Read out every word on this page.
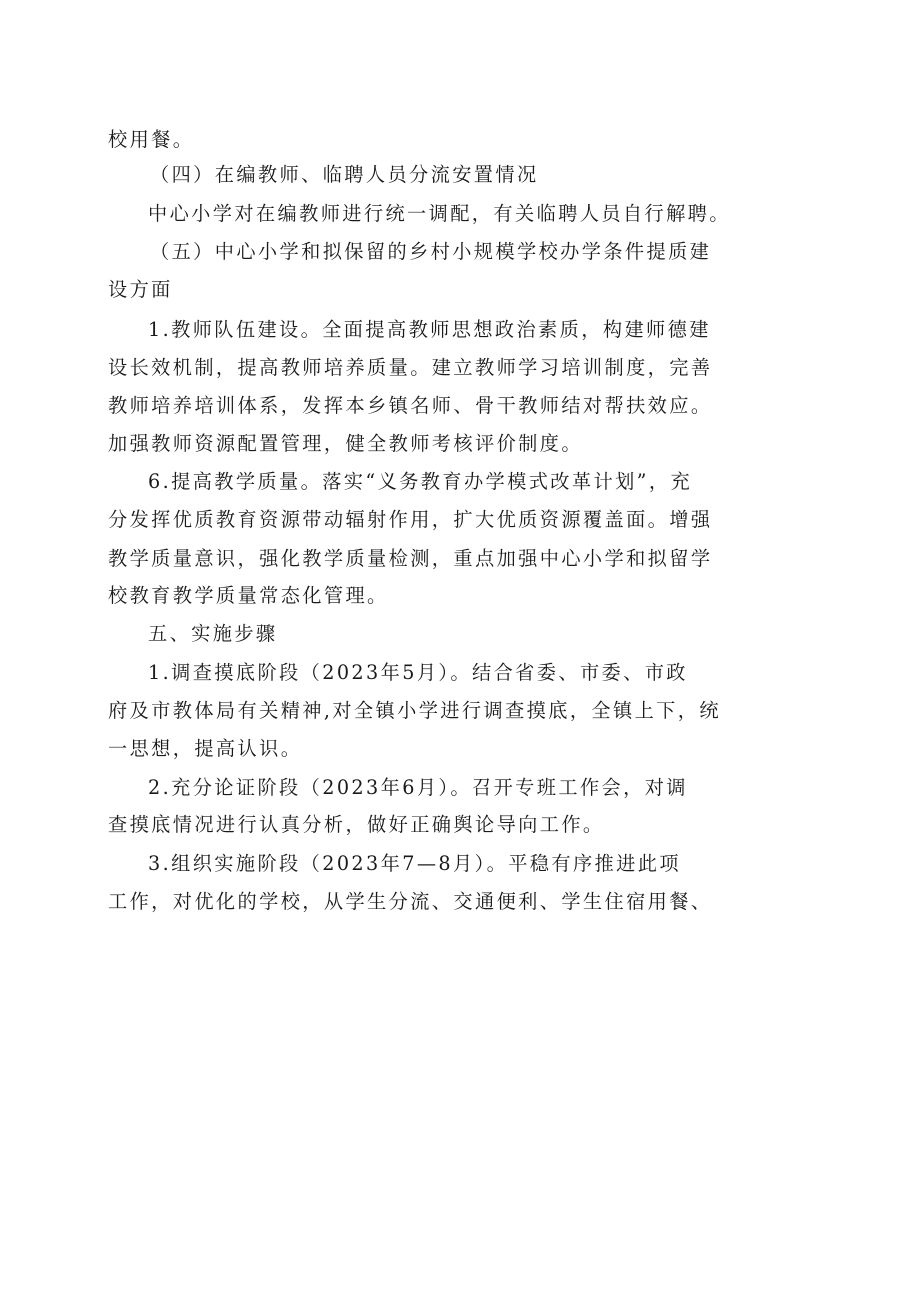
校用餐。
（四）在编教师、临聘人员分流安置情况
中心小学对在编教师进行统一调配，有关临聘人员自行解聘。
（五）中心小学和拟保留的乡村小规模学校办学条件提质建
设方面
1.教师队伍建设。全面提高教师思想政治素质，构建师德建
设长效机制，提高教师培养质量。建立教师学习培训制度，完善
教师培养培训体系，发挥本乡镇名师、骨干教师结对帮扶效应。
加强教师资源配置管理，健全教师考核评价制度。
6.提高教学质量。落实“义务教育办学模式改革计划”，充
分发挥优质教育资源带动辐射作用，扩大优质资源覆盖面。增强
教学质量意识，强化教学质量检测，重点加强中心小学和拟留学
校教育教学质量常态化管理。
五、实施步骤
1.调查摸底阶段（2023年5月）。结合省委、市委、市政
府及市教体局有关精神,对全镇小学进行调查摸底，全镇上下，统
一思想，提高认识。
2.充分论证阶段（2023年6月）。召开专班工作会，对调
查摸底情况进行认真分析，做好正确舆论导向工作。
3.组织实施阶段（2023年7—8月）。平稳有序推进此项
工作，对优化的学校，从学生分流、交通便利、学生住宿用餐、
